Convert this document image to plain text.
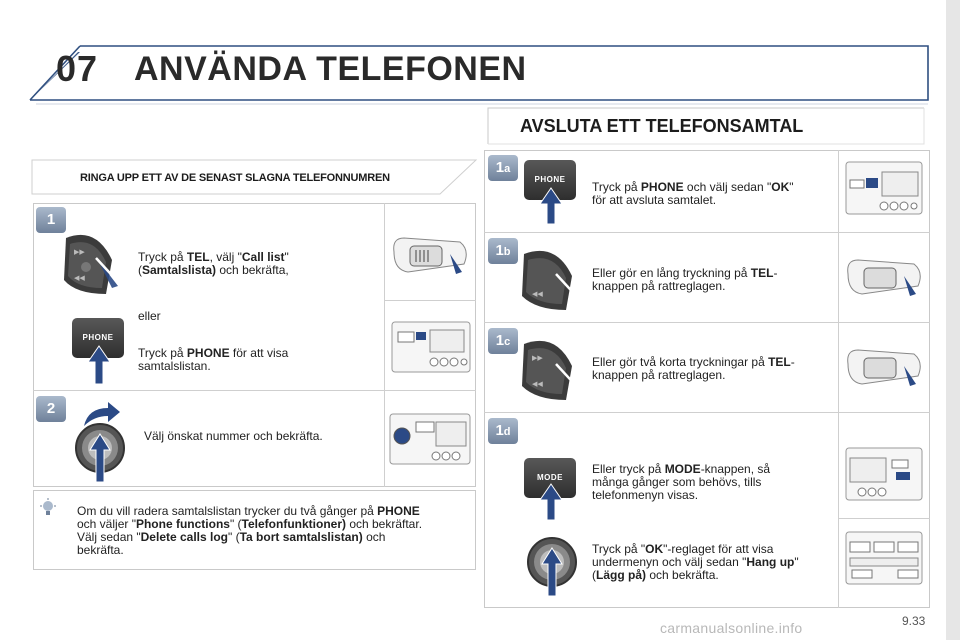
07 ANVÄNDA TELEFONEN
AVSLUTA ETT TELEFONSAMTAL
RINGA UPP ETT AV DE SENAST SLAGNA TELEFONNUMREN
1
▶▶
◀◀
Tryck på TEL, välj "Call list"
(Samtalslista) och bekräfta,
eller
PHONE
Tryck på PHONE för att visa
samtalslistan.
2
Välj önskat nummer och bekräfta.
Om du vill radera samtalslistan trycker du två gånger på PHONE
och väljer "Phone functions" (Telefonfunktioner) och bekräftar.
Välj sedan "Delete calls log" (Ta bort samtalslistan) och
bekräfta.
1a
PHONE
Tryck på PHONE och välj sedan "OK"
för att avsluta samtalet.
1b
◀◀
Eller gör en lång tryckning på TEL-
knappen på rattreglagen.
1c
▶▶
◀◀
Eller gör två korta tryckningar på TEL-
knappen på rattreglagen.
1d
MODE
Eller tryck på MODE-knappen, så
många gånger som behövs, tills
telefonmenyn visas.
Tryck på "OK"-reglaget för att visa
undermenyn och välj sedan "Hang up"
(Lägg på) och bekräfta.
carmanualsonline.info	9.33
